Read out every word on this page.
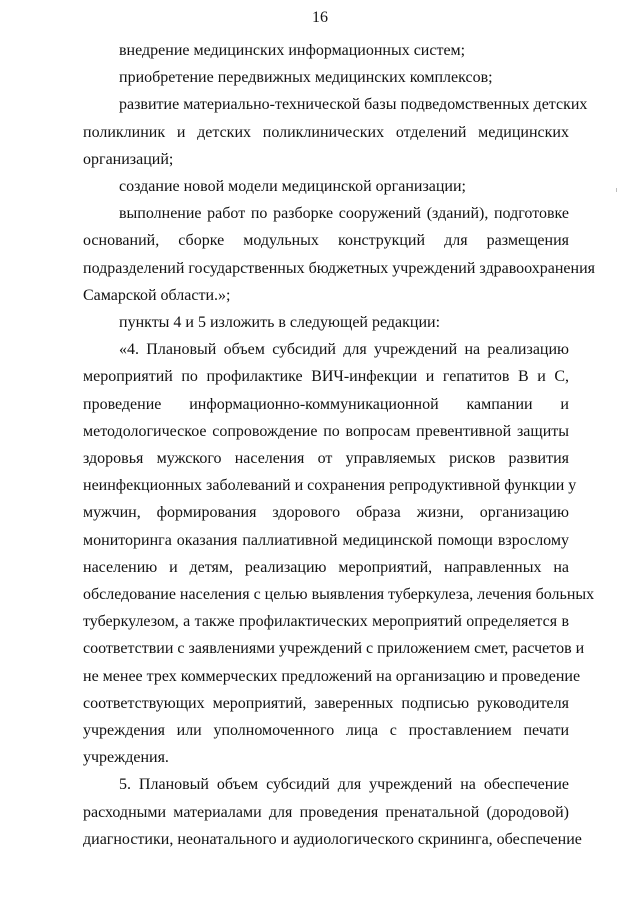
16

внедрение медицинских информационных систем;

приобретение передвижных медицинских комплексов;

развитие материально-технической базы подведомственных детских
поликлиник и детских поликлинических отделений медицинских
организаций;

создание новой модели медицинской организации;

выполнение работ по разборке сооружений (зданий), подготовке
оснований, сборке модульных конструкций для размещения
подразделений государственных бюджетных учреждений здравоохранения
Самарской области.»;

пункты 4 и 5 изложить в следующей редакции:

«4. Плановый объем субсидий для учреждений на реализацию
мероприятий по профилактике ВИЧ-инфекции и гепатитов В и С,
проведение информационно-коммуникационной кампании и
методологическое сопровождение по вопросам превентивной защиты
здоровья мужского населения от управляемых рисков развития
неинфекционных заболеваний и сохранения репродуктивной функции у
мужчин, формирования здорового образа жизни, организацию
мониторинга оказания паллиативной медицинской помощи взрослому
населению и детям, реализацию мероприятий, направленных на
обследование населения с целью выявления туберкулеза, лечения больных
туберкулезом, а также профилактических мероприятий определяется в
соответствии с заявлениями учреждений с приложением смет, расчетов и
не менее трех коммерческих предложений на организацию и проведение
соответствующих мероприятий, заверенных подписью руководителя
учреждения или уполномоченного лица с проставлением печати
учреждения.

5. Плановый объем субсидий для учреждений на обеспечение
расходными материалами для проведения пренатальной (дородовой)
диагностики, неонатального и аудиологического скрининга, обеспечение
